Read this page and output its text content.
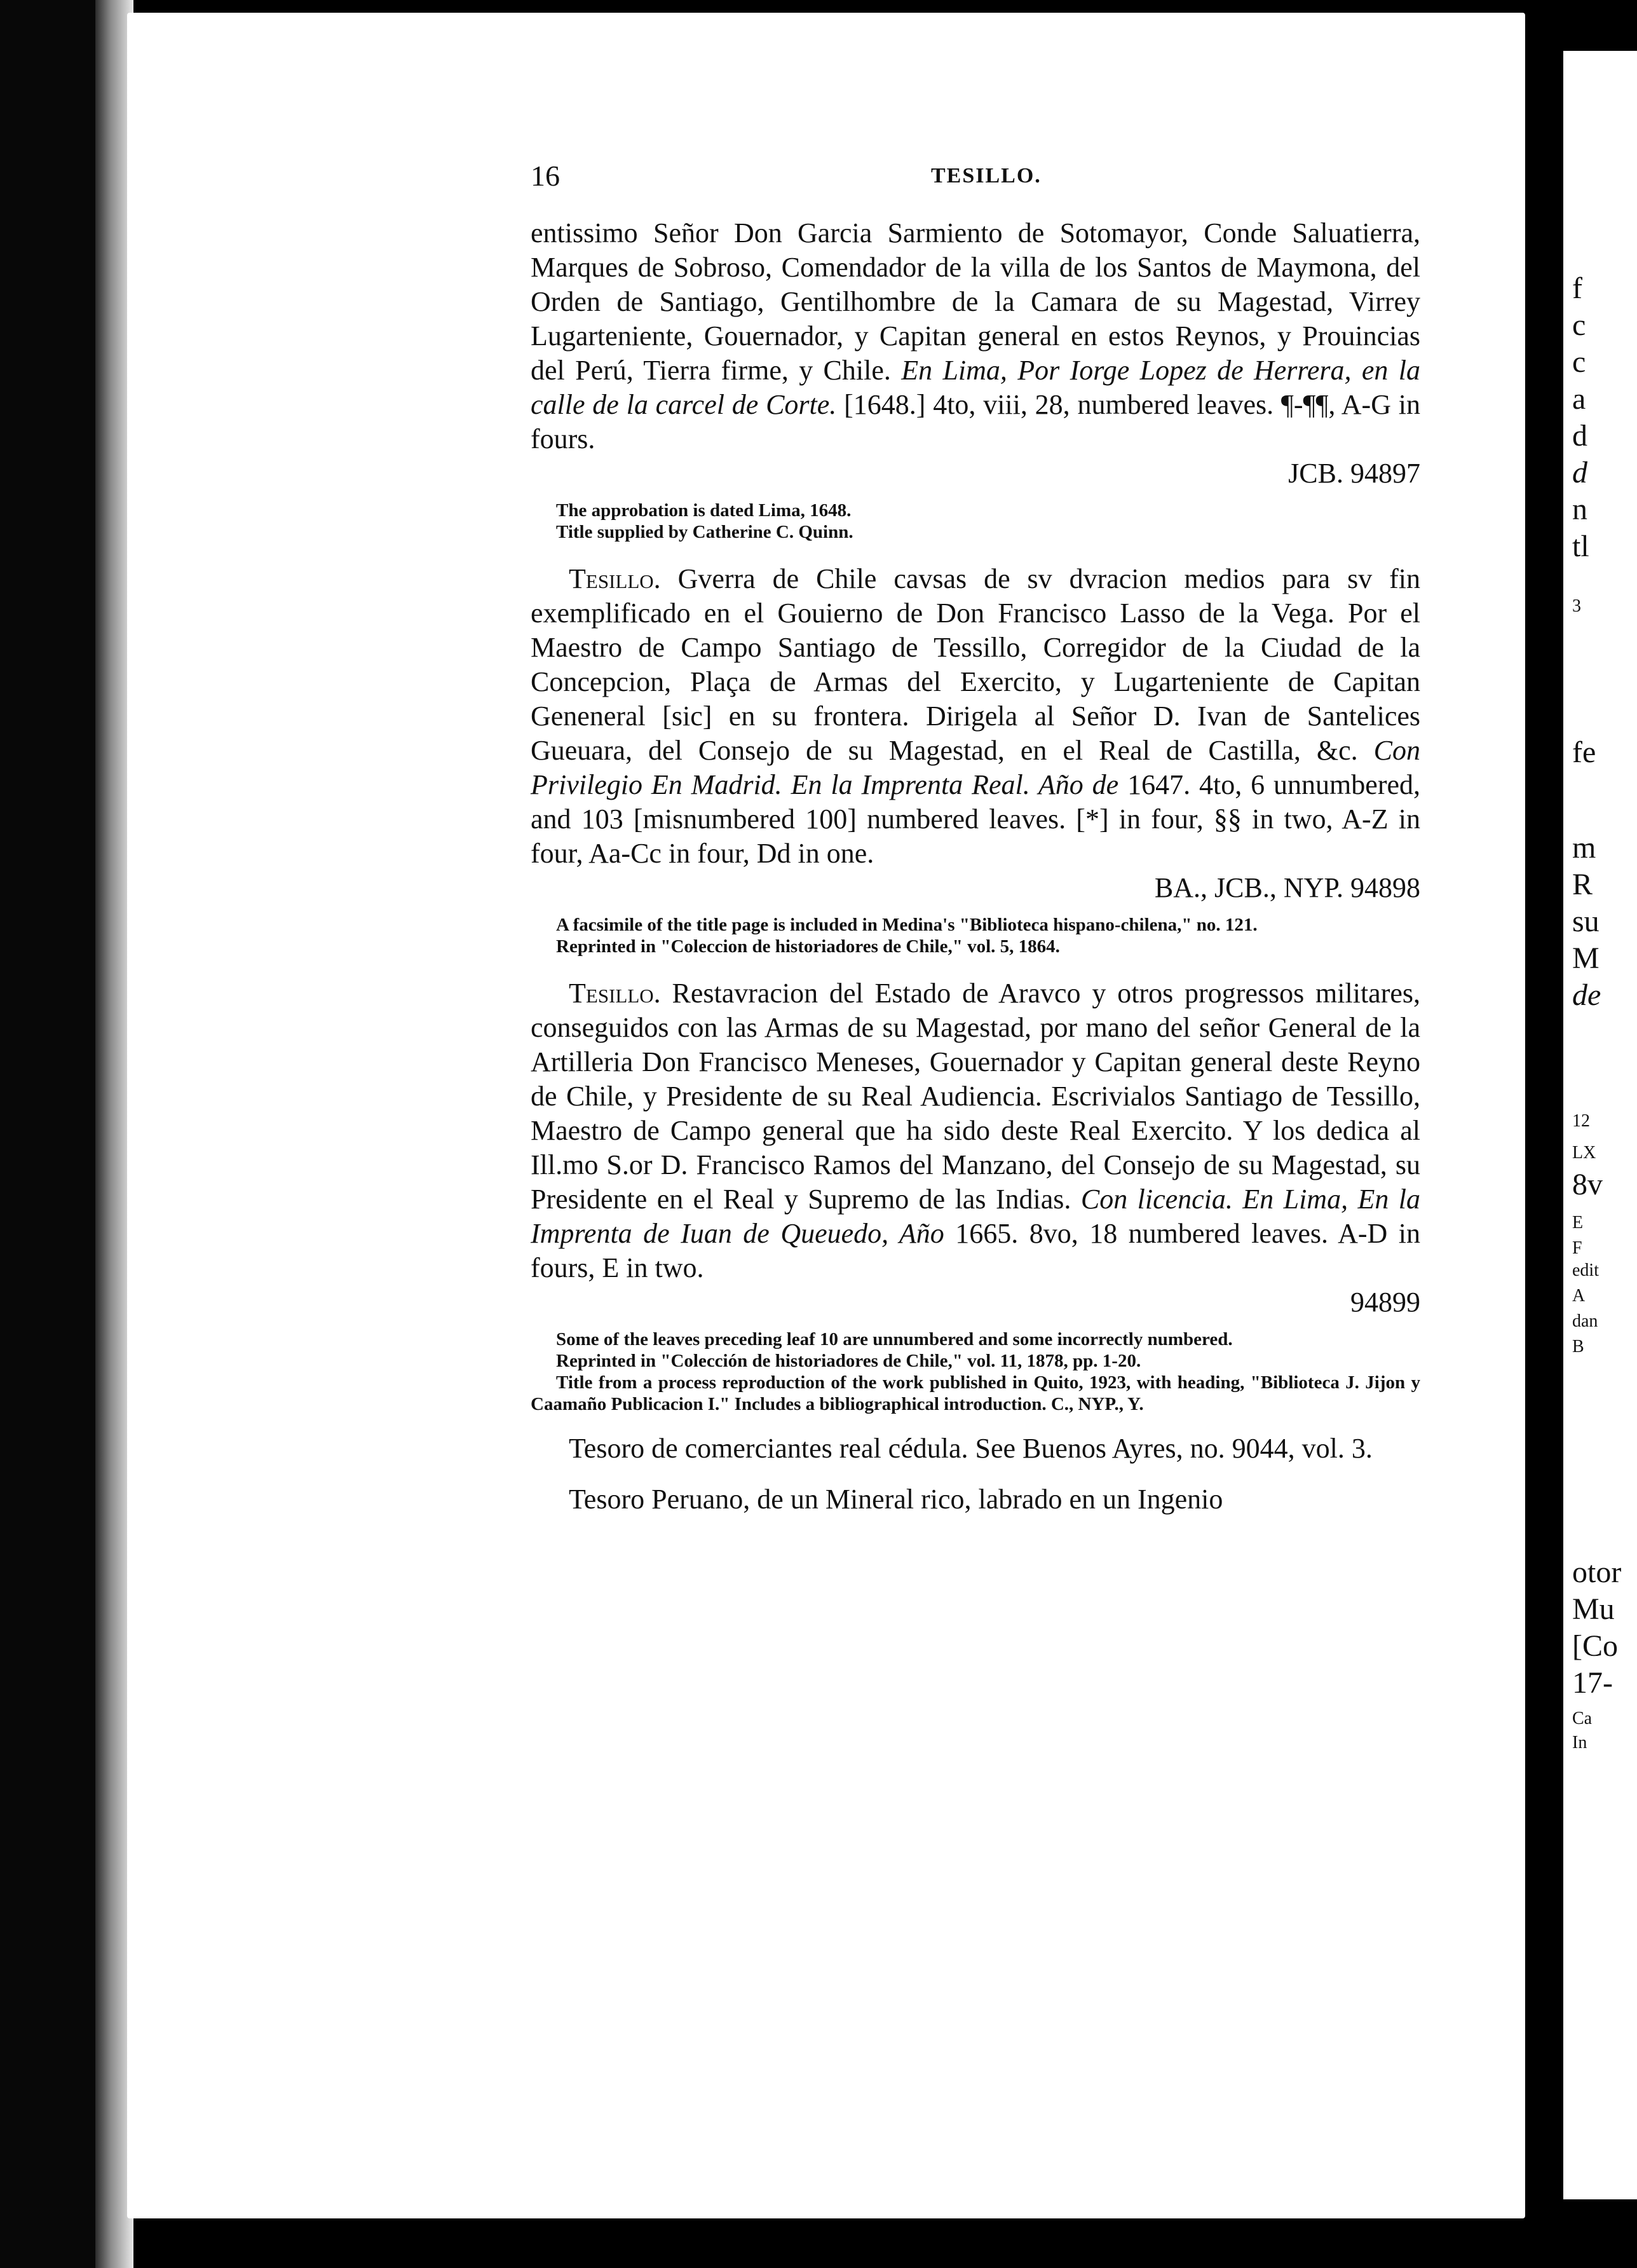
16	TESILLO.

entissimo Señor Don Garcia Sarmiento de Sotomayor, Conde Saluatierra, Marques de Sobroso, Comendador de la villa de los Santos de Maymona, del Orden de Santiago, Gentilhombre de la Camara de su Magestad, Virrey Lugarteniente, Gouernador, y Capitan general en estos Reynos, y Prouincias del Perú, Tierra firme, y Chile. En Lima, Por Iorge Lopez de Herrera, en la calle de la carcel de Corte. [1648.] 4to, viii, 28, numbered leaves. ¶-¶¶, A-G in fours.

JCB. 94897

The approbation is dated Lima, 1648.

Title supplied by Catherine C. Quinn.

Tesillo. Gverra de Chile cavsas de sv dvracion medios para sv fin exemplificado en el Gouierno de Don Francisco Lasso de la Vega. Por el Maestro de Campo Santiago de Tessillo, Corregidor de la Ciudad de la Concepcion, Plaça de Armas del Exercito, y Lugarteniente de Capitan Geneneral [sic] en su frontera. Dirigela al Señor D. Ivan de Santelices Gueuara, del Consejo de su Magestad, en el Real de Castilla, &c. Con Privilegio En Madrid. En la Imprenta Real. Año de 1647. 4to, 6 unnumbered, and 103 [misnumbered 100] numbered leaves. [*] in four, §§ in two, A-Z in four, Aa-Cc in four, Dd in one.

BA., JCB., NYP. 94898

A facsimile of the title page is included in Medina's "Biblioteca hispano-chilena," no. 121.

Reprinted in "Coleccion de historiadores de Chile," vol. 5, 1864.

Tesillo. Restavracion del Estado de Aravco y otros progressos militares, conseguidos con las Armas de su Magestad, por mano del señor General de la Artilleria Don Francisco Meneses, Gouernador y Capitan general deste Reyno de Chile, y Presidente de su Real Audiencia. Escrivialos Santiago de Tessillo, Maestro de Campo general que ha sido deste Real Exercito. Y los dedica al Ill.mo S.or D. Francisco Ramos del Manzano, del Consejo de su Magestad, su Presidente en el Real y Supremo de las Indias. Con licencia. En Lima, En la Imprenta de Iuan de Queuedo, Año 1665. 8vo, 18 numbered leaves. A-D in fours, E in two.

94899

Some of the leaves preceding leaf 10 are unnumbered and some incorrectly numbered.

Reprinted in "Colección de historiadores de Chile," vol. 11, 1878, pp. 1-20.

Title from a process reproduction of the work published in Quito, 1923, with heading, "Biblioteca J. Jijon y Caamaño Publicacion I." Includes a bibliographical introduction. C., NYP., Y.

Tesoro de comerciantes real cédula. See Buenos Ayres, no. 9044, vol. 3.

Tesoro Peruano, de un Mineral rico, labrado en un Ingenio

f
c
c
a
d
d
n
tl
3
fe
m
R
su
M
de
12
LX
8v
E
F
edit
A
dan
B
otor
Mu
[Co
17-
Ca
In
